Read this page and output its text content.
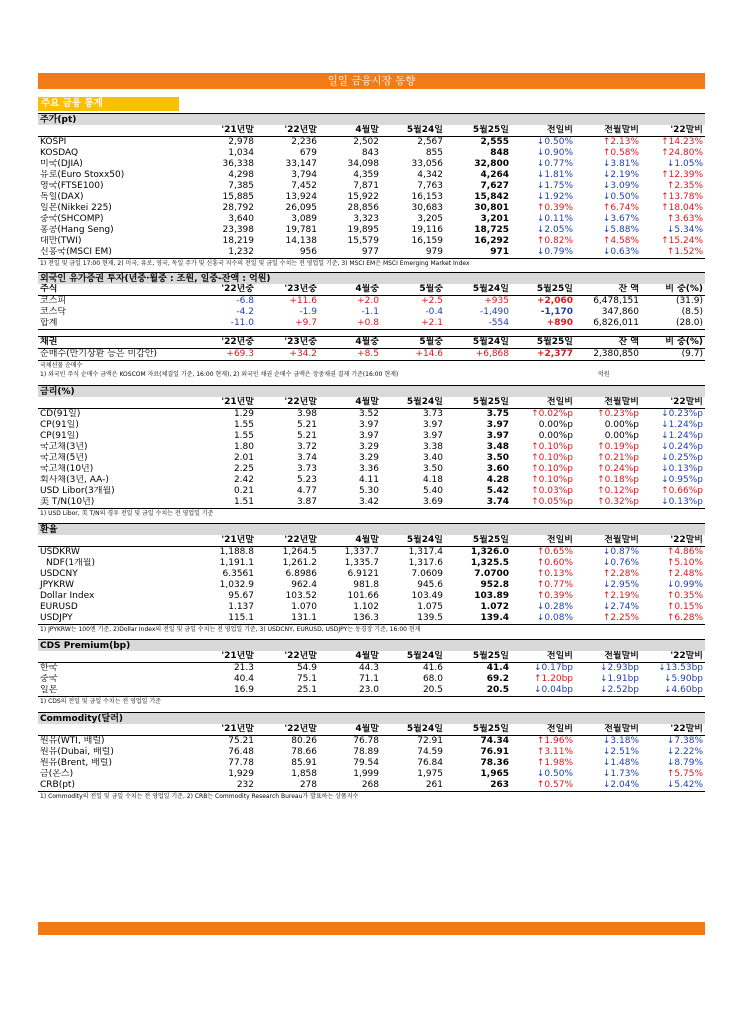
일일 금융시장 동향
주요 금융 통계
주가(pt)
	'21년말	'22년말	4월말	5월24일	5월25일	전일비	전월말비	'22말비
KOSPI	2,978	2,236	2,502	2,567	2,555	↓0.50%	↑2.13%	↑14.23%
KOSDAQ	1,034	679	843	855	848	↓0.90%	↑0.58%	↑24.80%
미국(DJIA)	36,338	33,147	34,098	33,056	32,800	↓0.77%	↓3.81%	↓1.05%
유로(Euro Stoxx50)	4,298	3,794	4,359	4,342	4,264	↓1.81%	↓2.19%	↑12.39%
영국(FTSE100)	7,385	7,452	7,871	7,763	7,627	↓1.75%	↓3.09%	↑2.35%
독일(DAX)	15,885	13,924	15,922	16,153	15,842	↓1.92%	↓0.50%	↑13.78%
일본(Nikkei 225)	28,792	26,095	28,856	30,683	30,801	↑0.39%	↑6.74%	↑18.04%
중국(SHCOMP)	3,640	3,089	3,323	3,205	3,201	↓0.11%	↓3.67%	↑3.63%
홍콩(Hang Seng)	23,398	19,781	19,895	19,116	18,725	↓2.05%	↓5.88%	↓5.34%
대만(TWI)	18,219	14,138	15,579	16,159	16,292	↑0.82%	↑4.58%	↑15.24%
신흥국(MSCI EM)	1,232	956	977	979	971	↓0.79%	↓0.63%	↑1.52%
1) 전일 및 금일 17:00 현재, 2) 미국, 유로, 영국, 독일 주가 및 신흥국 지수의 전일 및 금일 수치는 전 영업일 기준, 3) MSCI EM은 MSCI Emerging Market Index
외국인 유가증권 투자(년중·월중 : 조원, 일중-잔액 : 억원)
주식	'22년중	'23년중	4월중	5월중	5월24일	5월25일	잔 액	비 중(%)
코스피	-6.8	+11.6	+2.0	+2.5	+935	+2,060	6,478,151	(31.9)
코스닥	-4.2	-1.9	-1.1	-0.4	-1,490	-1,170	347,860	(8.5)
합계	-11.0	+9.7	+0.8	+2.1	-554	+890	6,826,011	(28.0)
채권	'22년중	'23년중	4월중	5월중	5월24일	5월25일	잔 액	비 중(%)
순매수(만기상환 등은 미감안)	+69.3	+34.2	+8.5	+14.6	+6,868	+2,377	2,380,850	(9.7)
국채선물 순매수
1) 외국인 주식 순매수 금액은 KOSCOM 자료(체결일 기준, 16:00 현재), 2) 외국인 채권 순매수 금액은 장중채권 결제 기준(16:00 현재)	억원
금리(%)
	'21년말	'22년말	4월말	5월24일	5월25일	전일비	전월말비	'22말비
CD(91일)	1.29	3.98	3.52	3.73	3.75	↑0.02%p	↑0.23%p	↓0.23%p
CP(91일)	1.55	5.21	3.97	3.97	3.97	0.00%p	0.00%p	↓1.24%p
CP(91일)	1.55	5.21	3.97	3.97	3.97	0.00%p	0.00%p	↓1.24%p
국고채(3년)	1.80	3.72	3.29	3.38	3.48	↑0.10%p	↑0.19%p	↓0.24%p
국고채(5년)	2.01	3.74	3.29	3.40	3.50	↑0.10%p	↑0.21%p	↓0.25%p
국고채(10년)	2.25	3.73	3.36	3.50	3.60	↑0.10%p	↑0.24%p	↓0.13%p
회사채(3년, AA-)	2.42	5.23	4.11	4.18	4.28	↑0.10%p	↑0.18%p	↓0.95%p
USD Libor(3개월)	0.21	4.77	5.30	5.40	5.42	↑0.03%p	↑0.12%p	↑0.66%p
美 T/N(10년)	1.51	3.87	3.42	3.69	3.74	↑0.05%p	↑0.32%p	↓0.13%p
1) USD Libor, 美 T/N의 경우 전일 및 금일 수치는 전 영업일 기준
환율
	'21년말	'22년말	4월말	5월24일	5월25일	전일비	전월말비	'22말비
USDKRW	1,188.8	1,264.5	1,337.7	1,317.4	1,326.0	↑0.65%	↓0.87%	↑4.86%
NDF(1개월)	1,191.1	1,261.2	1,335.7	1,317.6	1,325.5	↑0.60%	↓0.76%	↑5.10%
USDCNY	6.3561	6.8986	6.9121	7.0609	7.0700	↑0.13%	↑2.28%	↑2.48%
JPYKRW	1,032.9	962.4	981.8	945.6	952.8	↑0.77%	↓2.95%	↓0.99%
Dollar Index	95.67	103.52	101.66	103.49	103.89	↑0.39%	↑2.19%	↑0.35%
EURUSD	1.137	1.070	1.102	1.075	1.072	↓0.28%	↓2.74%	↑0.15%
USDJPY	115.1	131.1	136.3	139.5	139.4	↓0.08%	↑2.25%	↑6.28%
1) JPYKRW는 100엔 기준, 2)Dollar Index의 전일 및 금일 수치는 전 영업일 기준, 3) USDCNY, EURUSD, USDJPY는 동경장 기준, 16:00 현재
CDS Premium(bp)
	'21년말	'22년말	4월말	5월24일	5월25일	전일비	전월말비	'22말비
한국	21.3	54.9	44.3	41.6	41.4	↓0.17bp	↓2.93bp	↓13.53bp
중국	40.4	75.1	71.1	68.0	69.2	↑1.20bp	↓1.91bp	↓5.90bp
일본	16.9	25.1	23.0	20.5	20.5	↓0.04bp	↓2.52bp	↓4.60bp
1) CDS의 전일 및 금일 수치는 전 영업일 기준
Commodity(달러)
	'21년말	'22년말	4월말	5월24일	5월25일	전일비	전월말비	'22말비
원유(WTI, 배럴)	75.21	80.26	76.78	72.91	74.34	↑1.96%	↓3.18%	↓7.38%
원유(Dubai, 배럴)	76.48	78.66	78.89	74.59	76.91	↑3.11%	↓2.51%	↓2.22%
원유(Brent, 배럴)	77.78	85.91	79.54	76.84	78.36	↑1.98%	↓1.48%	↓8.79%
금(온스)	1,929	1,858	1,999	1,975	1,965	↓0.50%	↓1.73%	↑5.75%
CRB(pt)	232	278	268	261	263	↑0.57%	↓2.04%	↓5.42%
1) Commodity의 전일 및 금일 수치는 전 영업일 기준, 2) CRB는 Commodity Research Bureau가 발표하는 상품지수
